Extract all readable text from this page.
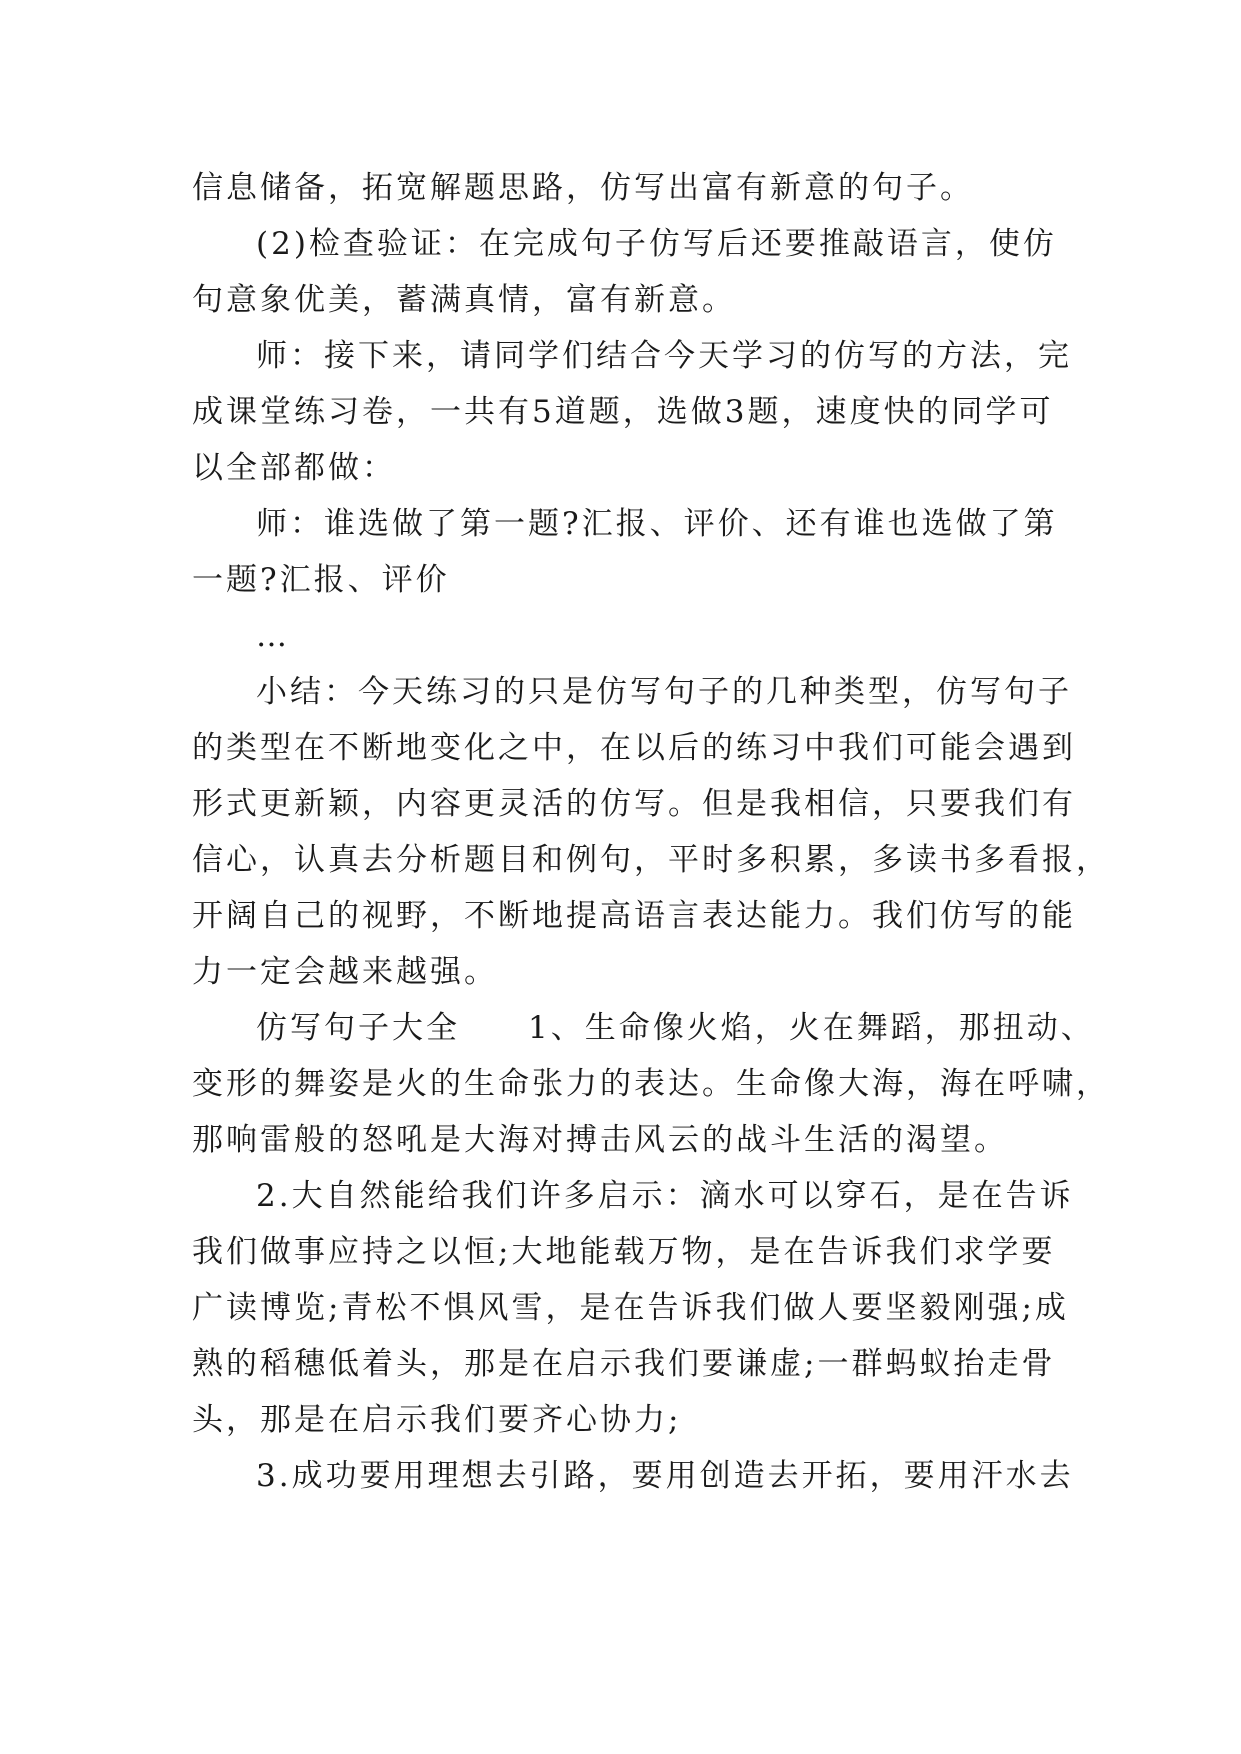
信息储备，拓宽解题思路，仿写出富有新意的句子。
(2)检查验证：在完成句子仿写后还要推敲语言，使仿
句意象优美，蓄满真情，富有新意。
师：接下来，请同学们结合今天学习的仿写的方法，完
成课堂练习卷，一共有5道题，选做3题，速度快的同学可
以全部都做：
师：谁选做了第一题?汇报、评价、还有谁也选做了第
一题?汇报、评价
…
小结：今天练习的只是仿写句子的几种类型，仿写句子
的类型在不断地变化之中，在以后的练习中我们可能会遇到
形式更新颖，内容更灵活的仿写。但是我相信，只要我们有
信心，认真去分析题目和例句，平时多积累，多读书多看报，
开阔自己的视野，不断地提高语言表达能力。我们仿写的能
力一定会越来越强。
仿写句子大全　　1、生命像火焰，火在舞蹈，那扭动、
变形的舞姿是火的生命张力的表达。生命像大海，海在呼啸，
那响雷般的怒吼是大海对搏击风云的战斗生活的渴望。
2.大自然能给我们许多启示：滴水可以穿石，是在告诉
我们做事应持之以恒;大地能载万物，是在告诉我们求学要
广读博览;青松不惧风雪，是在告诉我们做人要坚毅刚强;成
熟的稻穗低着头，那是在启示我们要谦虚;一群蚂蚁抬走骨
头，那是在启示我们要齐心协力;
3.成功要用理想去引路，要用创造去开拓，要用汗水去
